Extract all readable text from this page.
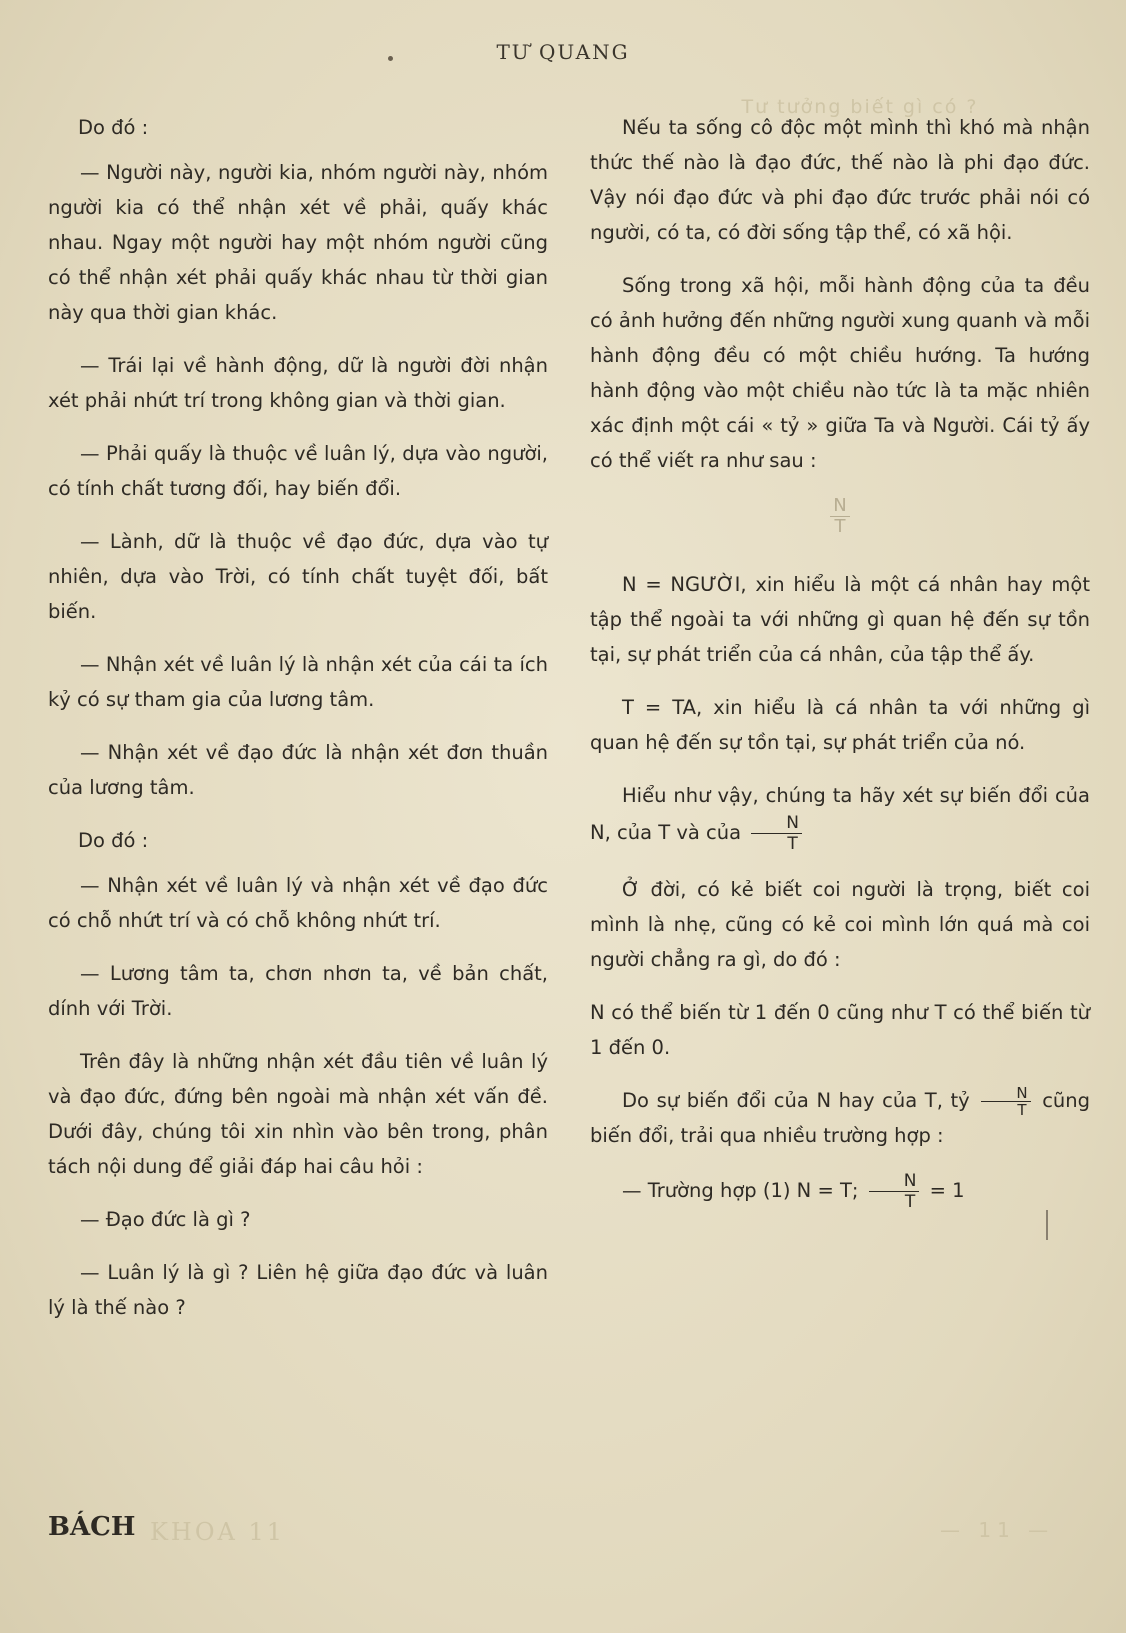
TƯ QUANG

Do đó :

— Người này, người kia, nhóm người này, nhóm người kia có thể nhận xét về phải, quấy khác nhau. Ngay một người hay một nhóm người cũng có thể nhận xét phải quấy khác nhau từ thời gian này qua thời gian khác.

— Trái lại về hành động, dữ là người đời nhận xét phải nhứt trí trong không gian và thời gian.

— Phải quấy là thuộc về luân lý, dựa vào người, có tính chất tương đối, hay biến đổi.

— Lành, dữ là thuộc về đạo đức, dựa vào tự nhiên, dựa vào Trời, có tính chất tuyệt đối, bất biến.

— Nhận xét về luân lý là nhận xét của cái ta ích kỷ có sự tham gia của lương tâm.

— Nhận xét về đạo đức là nhận xét đơn thuần của lương tâm.

Do đó :

— Nhận xét về luân lý và nhận xét về đạo đức có chỗ nhứt trí và có chỗ không nhứt trí.

— Lương tâm ta, chơn nhơn ta, về bản chất, dính với Trời.

Trên đây là những nhận xét đầu tiên về luân lý và đạo đức, đứng bên ngoài mà nhận xét vấn đề. Dưới đây, chúng tôi xin nhìn vào bên trong, phân tách nội dung để giải đáp hai câu hỏi :

— Đạo đức là gì ?

— Luân lý là gì ? Liên hệ giữa đạo đức và luân lý là thế nào ?

Tư tưởng biết gì có ?

Nếu ta sống cô độc một mình thì khó mà nhận thức thế nào là đạo đức, thế nào là phi đạo đức. Vậy nói đạo đức và phi đạo đức trước phải nói có người, có ta, có đời sống tập thể, có xã hội.

Sống trong xã hội, mỗi hành động của ta đều có ảnh hưởng đến những người xung quanh và mỗi hành động đều có một chiều hướng. Ta hướng hành động vào một chiều nào tức là ta mặc nhiên xác định một cái « tỷ » giữa Ta và Người. Cái tỷ ấy có thể viết ra như sau :

$\frac{N}{T}$

N = NGƯỜI, xin hiểu là một cá nhân hay một tập thể ngoài ta với những gì quan hệ đến sự tồn tại, sự phát triển của cá nhân, của tập thể ấy.

T = TA, xin hiểu là cá nhân ta với những gì quan hệ đến sự tồn tại, sự phát triển của nó.

Hiểu như vậy, chúng ta hãy xét sự biến đổi của N, của T và của $\frac{N}{T}$

Ở đời, có kẻ biết coi người là trọng, biết coi mình là nhẹ, cũng có kẻ coi mình lớn quá mà coi người chẳng ra gì, do đó :

N có thể biến từ 1 đến 0 cũng như T có thể biến từ 1 đến 0.

Do sự biến đổi của N hay của T, tỷ $\frac{N}{T}$ cũng biến đổi, trải qua nhiều trường hợp :

— Trường hợp (1) N = T; $\frac{N}{T} = 1$

BÁCH KHOA 11	— 11 —
